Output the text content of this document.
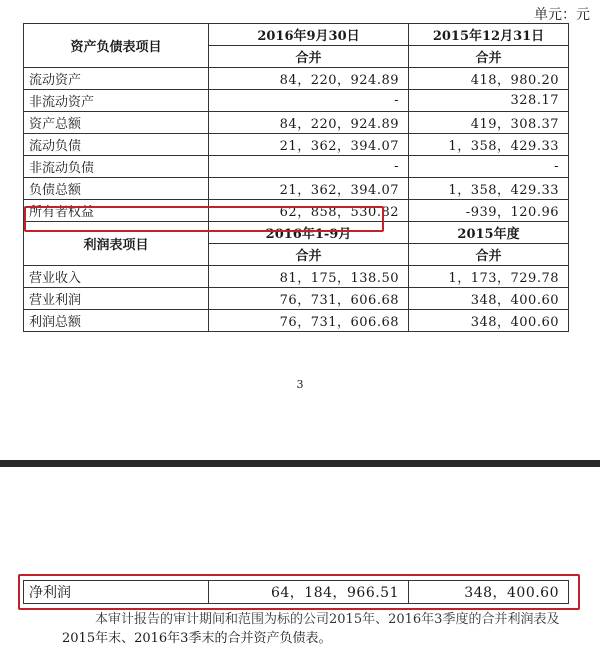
单元：元
资产负债表项目	2016年9月30日	2015年12月31日
	合并	合并
流动资产	84，220，924.89	418，980.20
非流动资产	-	328.17
资产总额	84，220，924.89	419，308.37
流动负债	21，362，394.07	1，358，429.33
非流动负债	-	-
负债总额	21，362，394.07	1，358，429.33
所有者权益	62，858，530.82	-939，120.96
利润表项目	2016年1-9月	2015年度
	合并	合并
营业收入	81，175，138.50	1，173，729.78
营业利润	76，731，606.68	348，400.60
利润总额	76，731，606.68	348，400.60
3
净利润	64，184，966.51	348，400.60
本审计报告的审计期间和范围为标的公司2015年、2016年3季度的合并利润表及
2015年末、2016年3季末的合并资产负债表。
